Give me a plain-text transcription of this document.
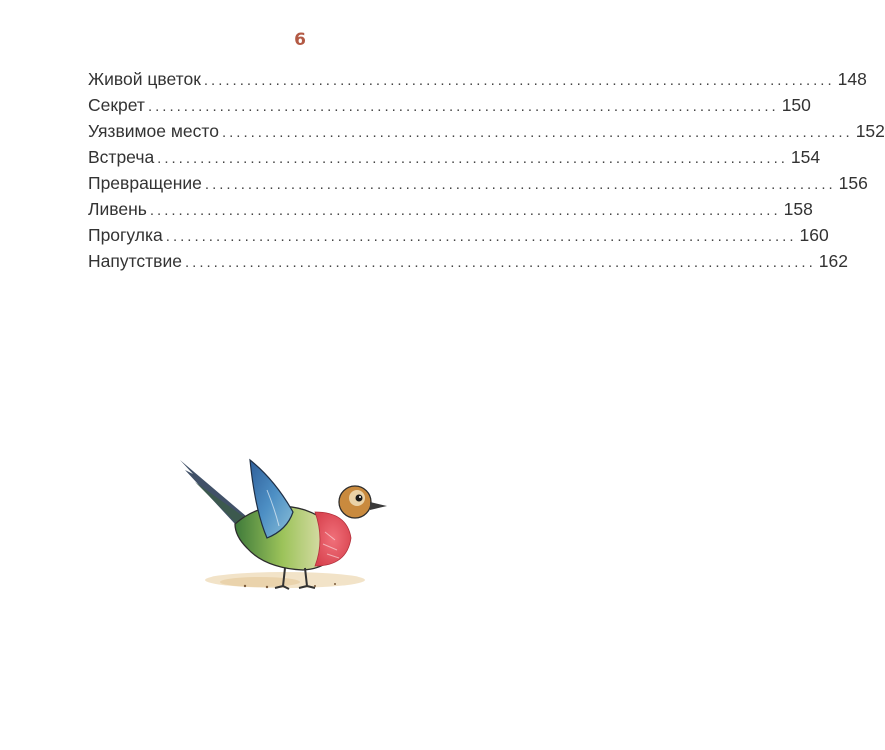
6
Живой цветок ........................................................................................ 148
Секрет ........................................................................................ 150
Уязвимое место ........................................................................................ 152
Встреча ........................................................................................ 154
Превращение ........................................................................................ 156
Ливень ........................................................................................ 158
Прогулка ........................................................................................ 160
Напутствие ........................................................................................ 162
